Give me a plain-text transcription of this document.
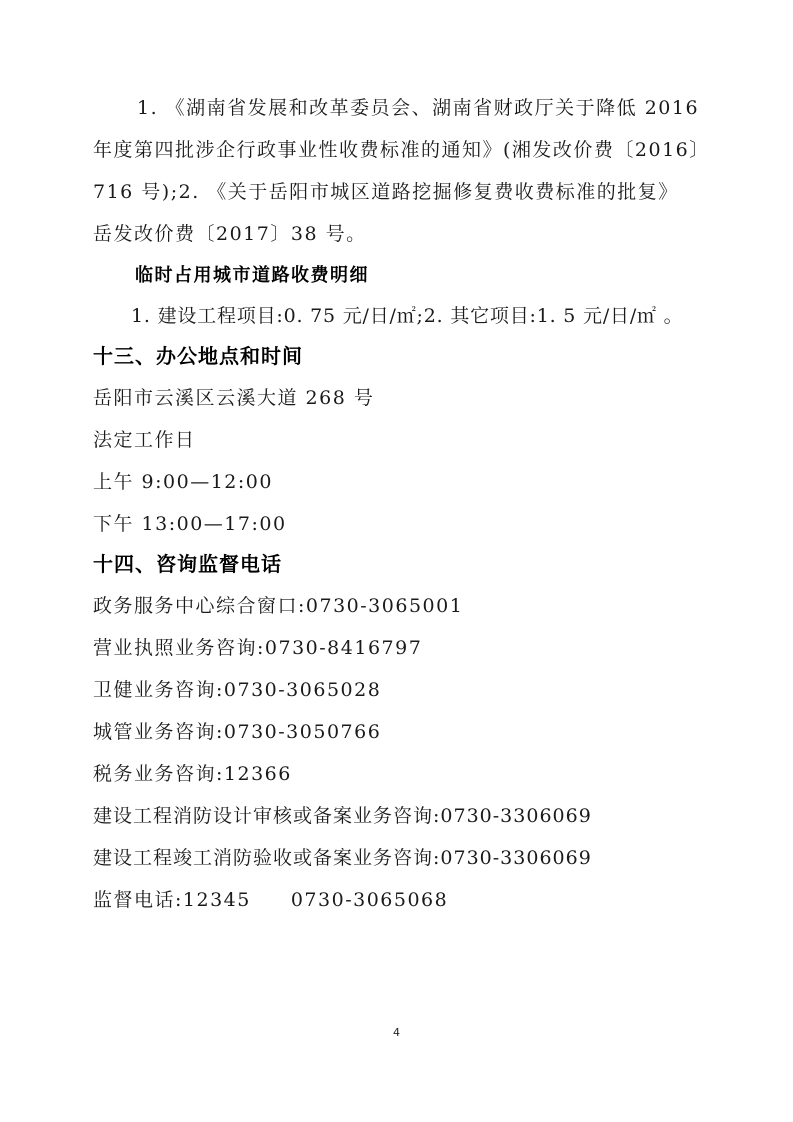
1. 《湖南省发展和改革委员会、湖南省财政厅关于降低 2016
年度第四批涉企行政事业性收费标准的通知》(湘发改价费〔2016〕
716 号);2. 《关于岳阳市城区道路挖掘修复费收费标准的批复》
岳发改价费〔2017〕38 号。
临时占用城市道路收费明细
1. 建设工程项目:0. 75 元/日/㎡;2. 其它项目:1. 5 元/日/㎡ 。
十三、办公地点和时间
岳阳市云溪区云溪大道 268 号
法定工作日
上午 9:00—12:00
下午 13:00—17:00
十四、咨询监督电话
政务服务中心综合窗口:0730-3065001
营业执照业务咨询:0730-8416797
卫健业务咨询:0730-3065028
城管业务咨询:0730-3050766
税务业务咨询:12366
建设工程消防设计审核或备案业务咨询:0730-3306069
建设工程竣工消防验收或备案业务咨询:0730-3306069
监督电话:12345 0730-3065068
4
